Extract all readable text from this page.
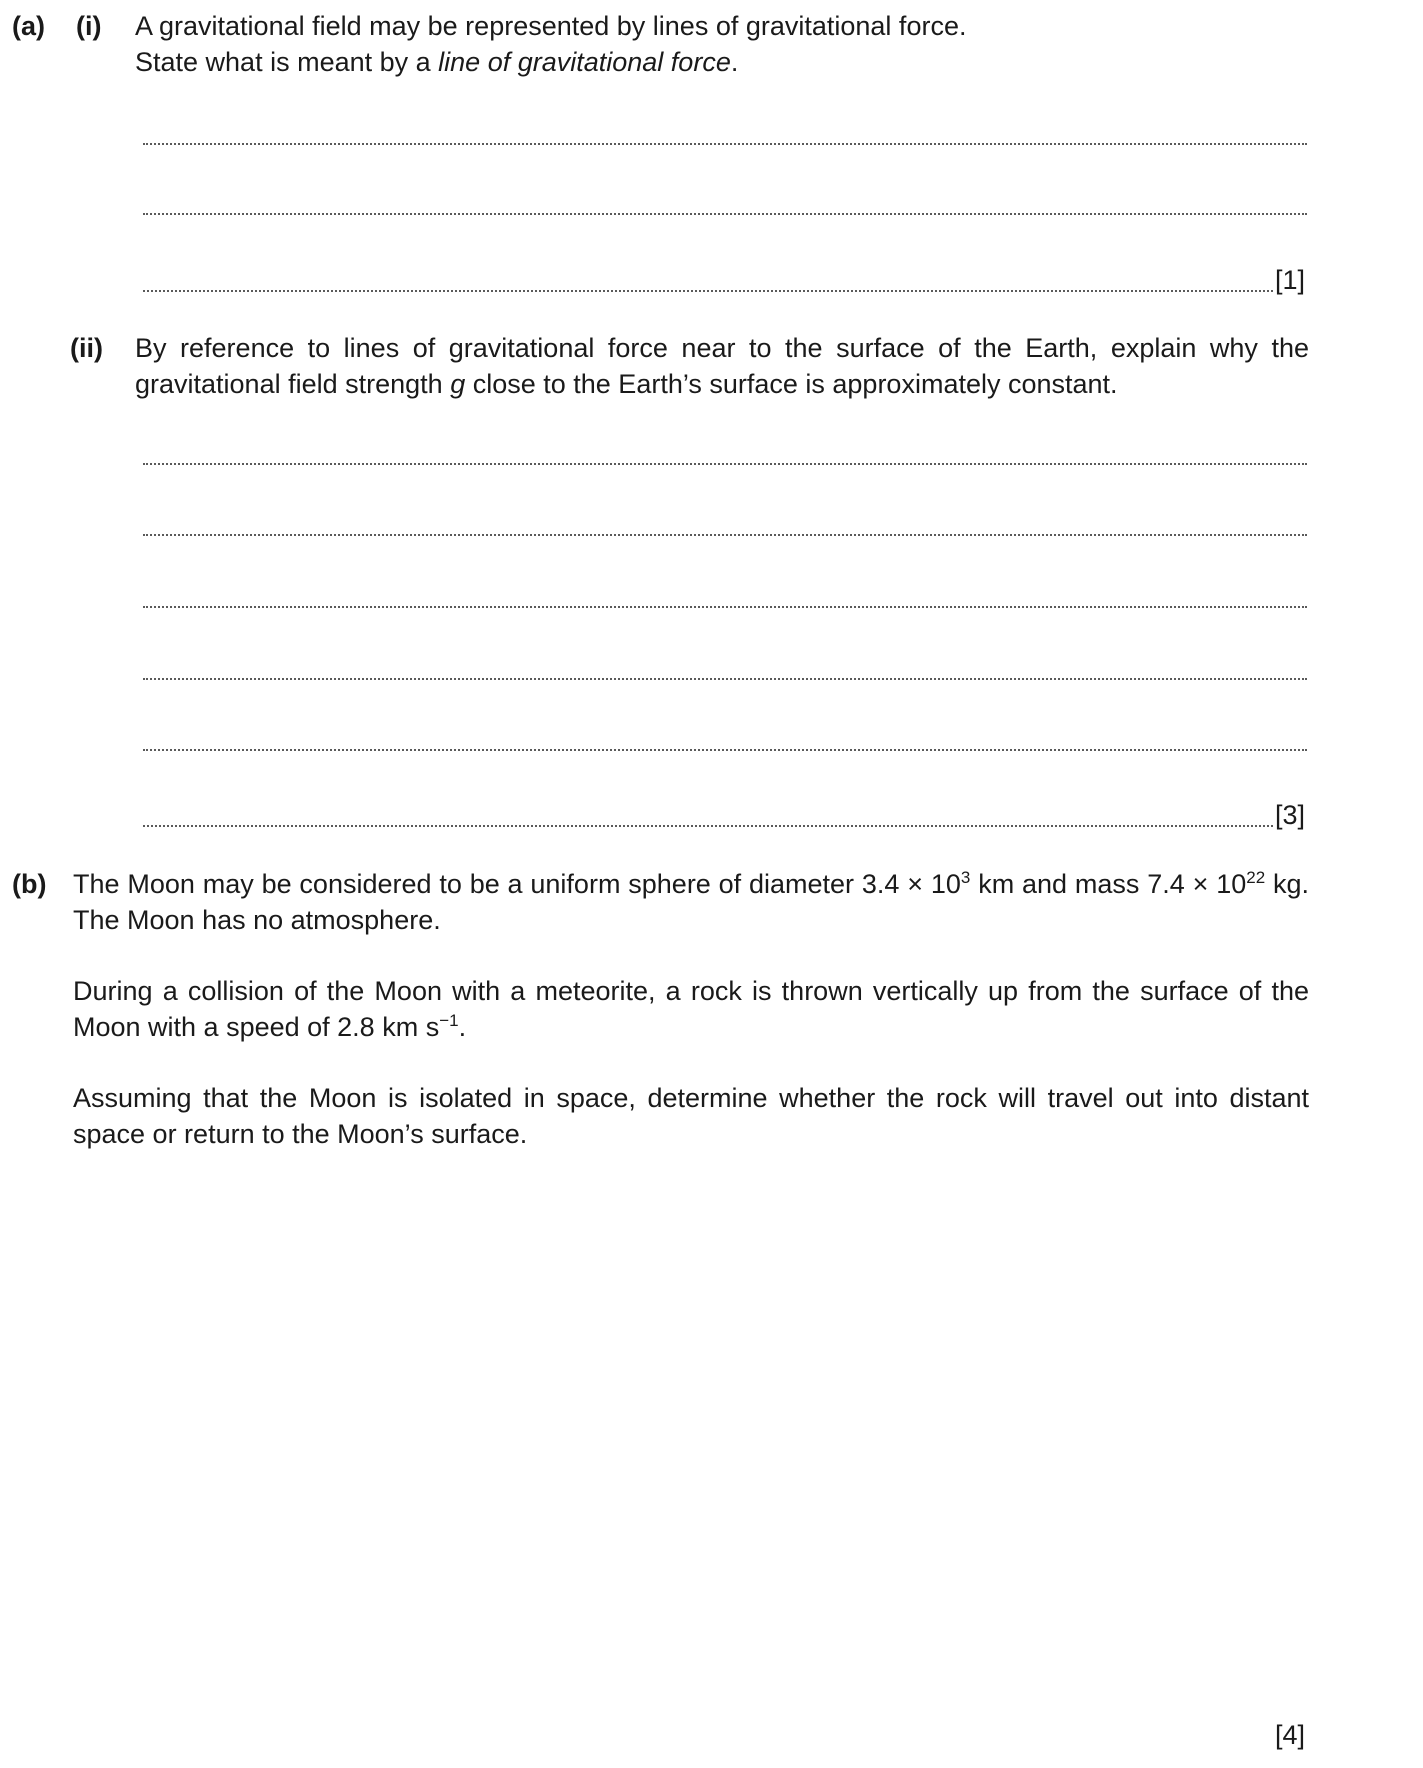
(a) (i) A gravitational field may be represented by lines of gravitational force.
State what is meant by a line of gravitational force.
[1]
(ii) By reference to lines of gravitational force near to the surface of the Earth, explain why the gravitational field strength g close to the Earth’s surface is approximately constant.
[3]
(b) The Moon may be considered to be a uniform sphere of diameter $3.4 \times 10^3$ km and mass $7.4 \times 10^{22}$ kg. The Moon has no atmosphere.
During a collision of the Moon with a meteorite, a rock is thrown vertically up from the surface of the Moon with a speed of 2.8 km $s^{-1}$.
Assuming that the Moon is isolated in space, determine whether the rock will travel out into distant space or return to the Moon’s surface.
[4]
